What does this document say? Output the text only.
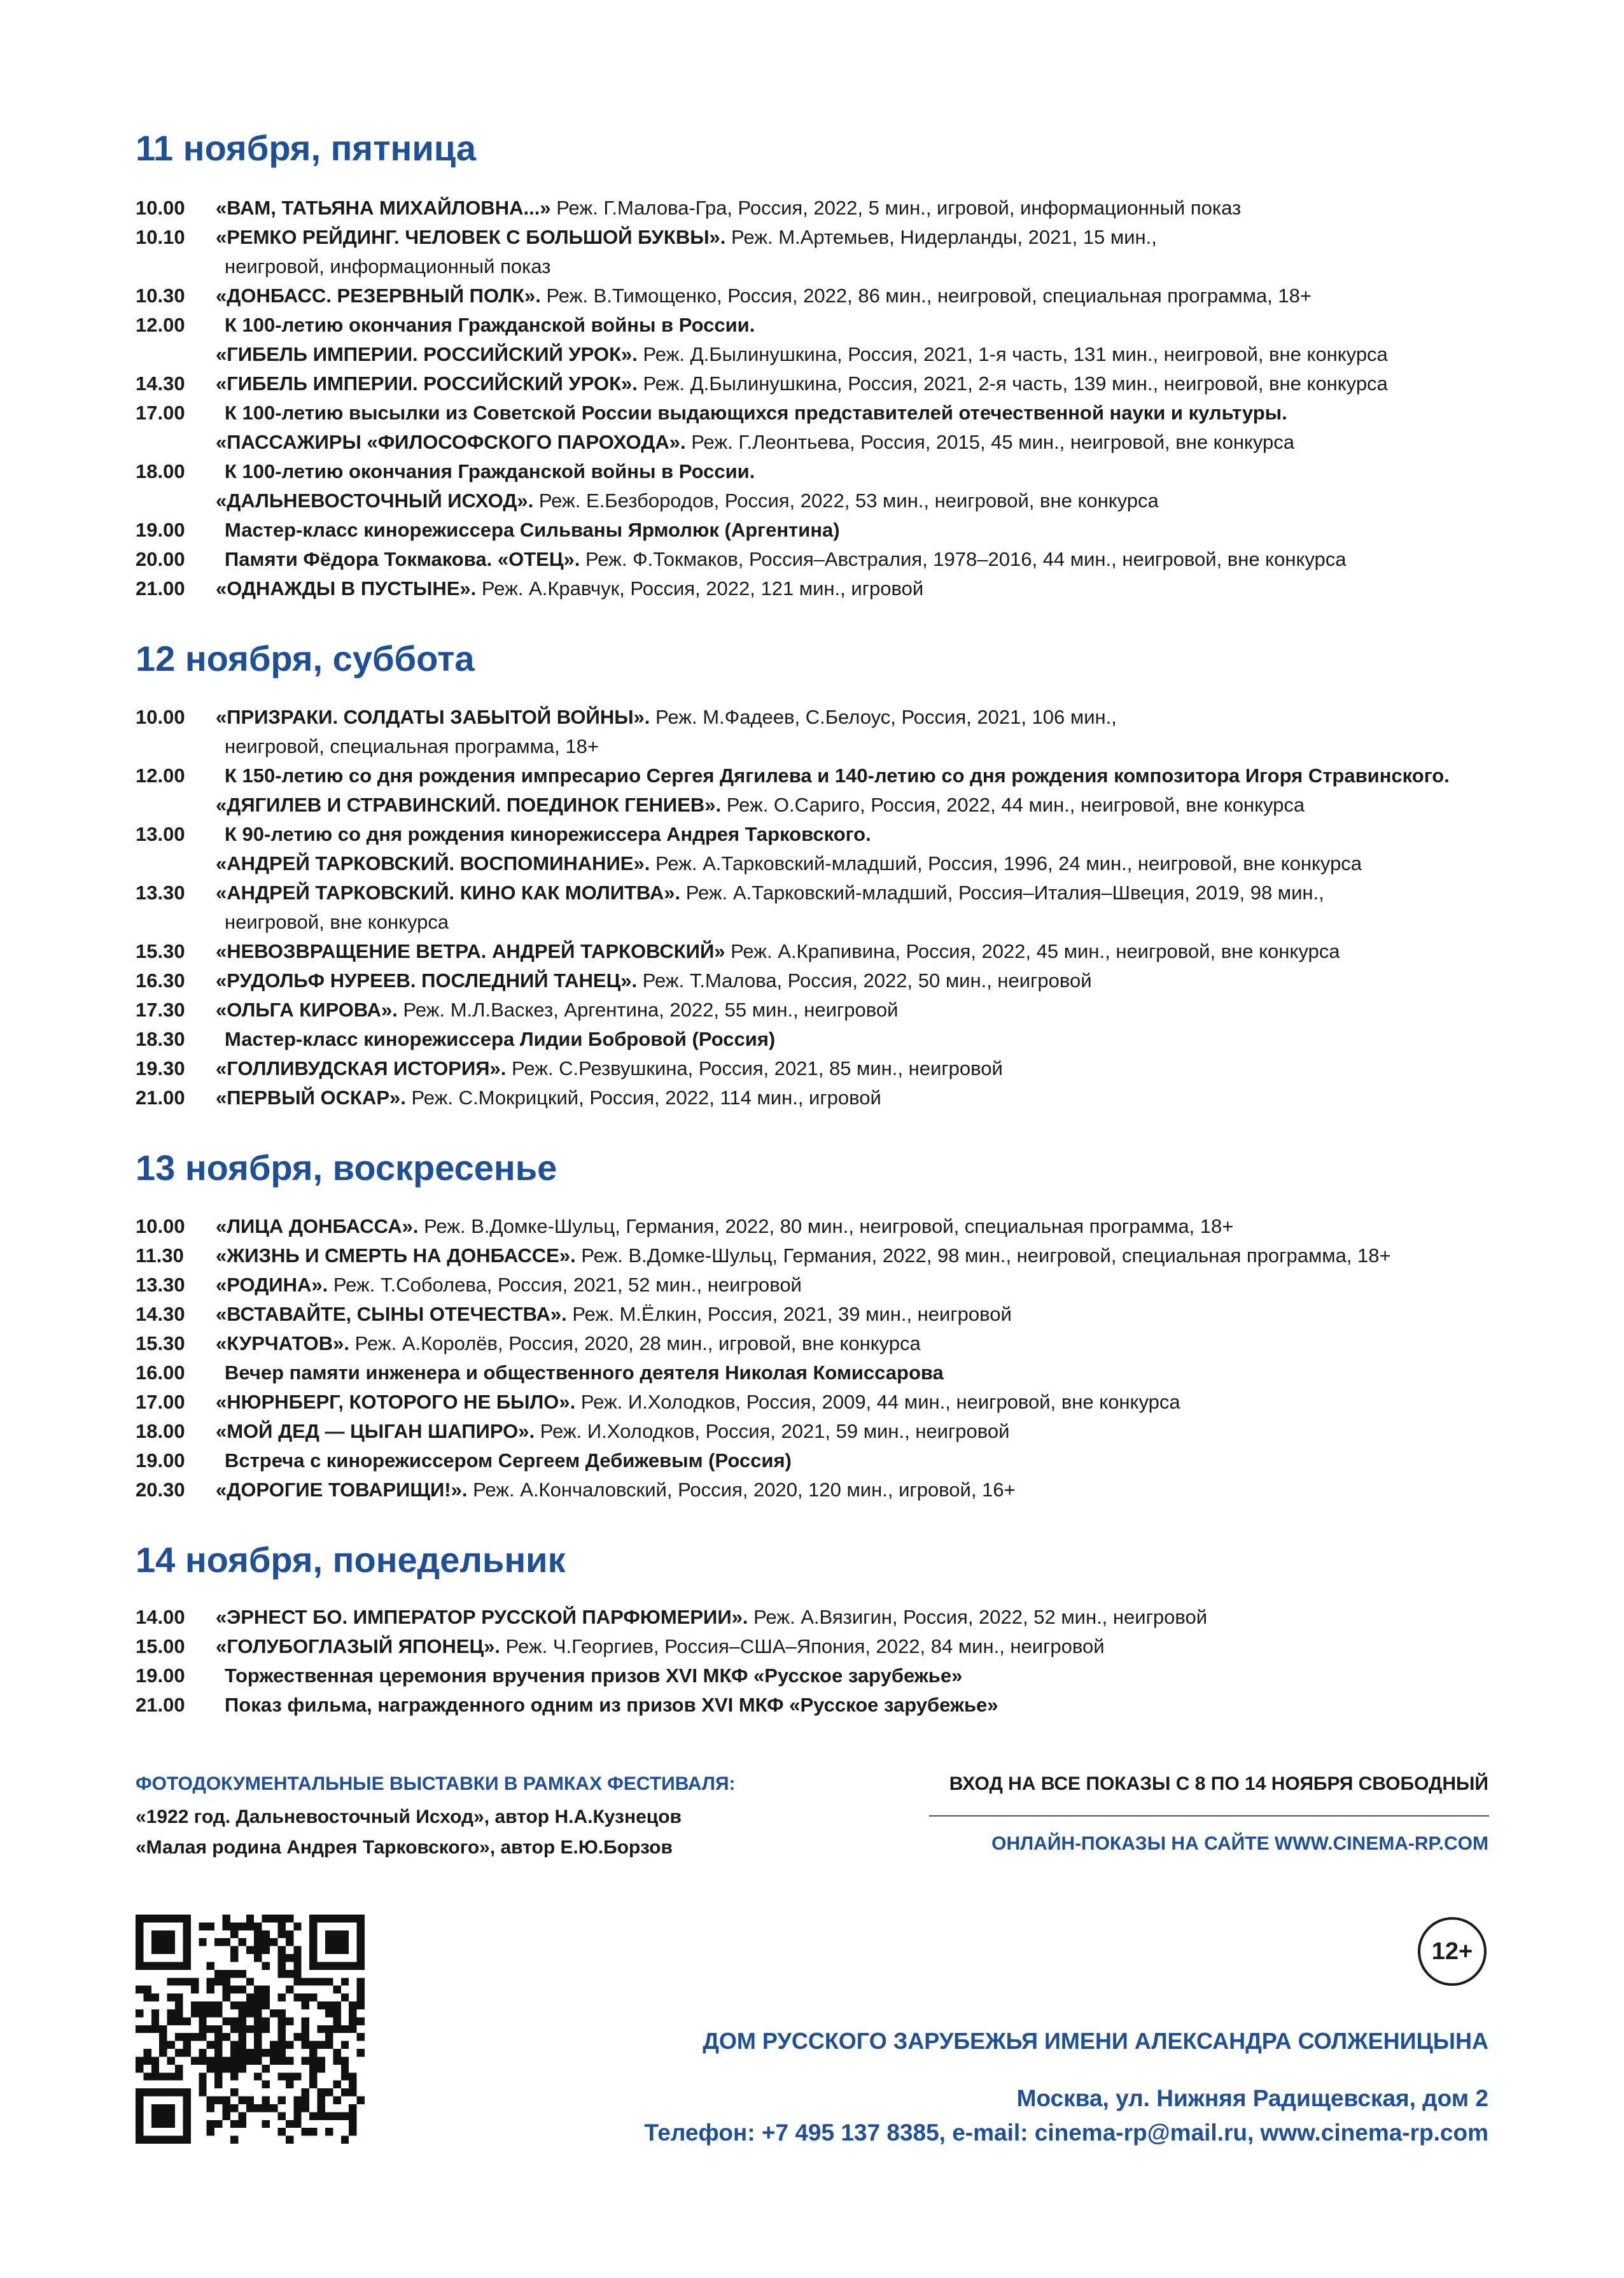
11 ноября, пятница
10.00	«ВАМ, ТАТЬЯНА МИХАЙЛОВНА...» Реж. Г.Малова-Гра, Россия, 2022, 5 мин., игровой, информационный показ
10.10	«РЕМКО РЕЙДИНГ. ЧЕЛОВЕК С БОЛЬШОЙ БУКВЫ». Реж. М.Артемьев, Нидерланды, 2021, 15 мин.,
неигровой, информационный показ
10.30	«ДОНБАСС. РЕЗЕРВНЫЙ ПОЛК». Реж. В.Тимощенко, Россия, 2022, 86 мин., неигровой, специальная программа, 18+
12.00	К 100-летию окончания Гражданской войны в России.
«ГИБЕЛЬ ИМПЕРИИ. РОССИЙСКИЙ УРОК». Реж. Д.Былинушкина, Россия, 2021, 1-я часть, 131 мин., неигровой, вне конкурса
14.30	«ГИБЕЛЬ ИМПЕРИИ. РОССИЙСКИЙ УРОК». Реж. Д.Былинушкина, Россия, 2021, 2-я часть, 139 мин., неигровой, вне конкурса
17.00	К 100-летию высылки из Советской России выдающихся представителей отечественной науки и культуры.
«ПАССАЖИРЫ «ФИЛОСОФСКОГО ПАРОХОДА». Реж. Г.Леонтьева, Россия, 2015, 45 мин., неигровой, вне конкурса
18.00	К 100-летию окончания Гражданской войны в России.
«ДАЛЬНЕВОСТОЧНЫЙ ИСХОД». Реж. Е.Безбородов, Россия, 2022, 53 мин., неигровой, вне конкурса
19.00	Мастер-класс кинорежиссера Сильваны Ярмолюк (Аргентина)
20.00	Памяти Фёдора Токмакова. «ОТЕЦ». Реж. Ф.Токмаков, Россия–Австралия, 1978–2016, 44 мин., неигровой, вне конкурса
21.00	«ОДНАЖДЫ В ПУСТЫНЕ». Реж. А.Кравчук, Россия, 2022, 121 мин., игровой
12 ноября, суббота
10.00	«ПРИЗРАКИ. СОЛДАТЫ ЗАБЫТОЙ ВОЙНЫ». Реж. М.Фадеев, С.Белоус, Россия, 2021, 106 мин.,
неигровой, специальная программа, 18+
12.00	К 150-летию со дня рождения импресарио Сергея Дягилева и 140-летию со дня рождения композитора Игоря Стравинского.
«ДЯГИЛЕВ И СТРАВИНСКИЙ. ПОЕДИНОК ГЕНИЕВ». Реж. О.Сариго, Россия, 2022, 44 мин., неигровой, вне конкурса
13.00	К 90-летию со дня рождения кинорежиссера Андрея Тарковского.
«АНДРЕЙ ТАРКОВСКИЙ. ВОСПОМИНАНИЕ». Реж. А.Тарковский-младший, Россия, 1996, 24 мин., неигровой, вне конкурса
13.30	«АНДРЕЙ ТАРКОВСКИЙ. КИНО КАК МОЛИТВА». Реж. А.Тарковский-младший, Россия–Италия–Швеция, 2019, 98 мин.,
неигровой, вне конкурса
15.30	«НЕВОЗВРАЩЕНИЕ ВЕТРА. АНДРЕЙ ТАРКОВСКИЙ» Реж. А.Крапивина, Россия, 2022, 45 мин., неигровой, вне конкурса
16.30	«РУДОЛЬФ НУРЕЕВ. ПОСЛЕДНИЙ ТАНЕЦ». Реж. Т.Малова, Россия, 2022, 50 мин., неигровой
17.30	«ОЛЬГА КИРОВА». Реж. М.Л.Васкез, Аргентина, 2022, 55 мин., неигровой
18.30	Мастер-класс кинорежиссера Лидии Бобровой (Россия)
19.30	«ГОЛЛИВУДСКАЯ ИСТОРИЯ». Реж. С.Резвушкина, Россия, 2021, 85 мин., неигровой
21.00	«ПЕРВЫЙ ОСКАР». Реж. С.Мокрицкий, Россия, 2022, 114 мин., игровой
13 ноября, воскресенье
10.00	«ЛИЦА ДОНБАССА». Реж. В.Домке-Шульц, Германия, 2022, 80 мин., неигровой, специальная программа, 18+
11.30	«ЖИЗНЬ И СМЕРТЬ НА ДОНБАССЕ». Реж. В.Домке-Шульц, Германия, 2022, 98 мин., неигровой, специальная программа, 18+
13.30	«РОДИНА». Реж. Т.Соболева, Россия, 2021, 52 мин., неигровой
14.30	«ВСТАВАЙТЕ, СЫНЫ ОТЕЧЕСТВА». Реж. М.Ёлкин, Россия, 2021, 39 мин., неигровой
15.30	«КУРЧАТОВ». Реж. А.Королёв, Россия, 2020, 28 мин., игровой, вне конкурса
16.00	Вечер памяти инженера и общественного деятеля Николая Комиссарова
17.00	«НЮРНБЕРГ, КОТОРОГО НЕ БЫЛО». Реж. И.Холодков, Россия, 2009, 44 мин., неигровой, вне конкурса
18.00	«МОЙ ДЕД — ЦЫГАН ШАПИРО». Реж. И.Холодков, Россия, 2021, 59 мин., неигровой
19.00	Встреча с кинорежиссером Сергеем Дебижевым (Россия)
20.30	«ДОРОГИЕ ТОВАРИЩИ!». Реж. А.Кончаловский, Россия, 2020, 120 мин., игровой, 16+
14 ноября, понедельник
14.00	«ЭРНЕСТ БО. ИМПЕРАТОР РУССКОЙ ПАРФЮМЕРИИ». Реж. А.Вязигин, Россия, 2022, 52 мин., неигровой
15.00	«ГОЛУБОГЛАЗЫЙ ЯПОНЕЦ». Реж. Ч.Георгиев, Россия–США–Япония, 2022, 84 мин., неигровой
19.00	Торжественная церемония вручения призов XVI МКФ «Русское зарубежье»
21.00	Показ фильма, награжденного одним из призов XVI МКФ «Русское зарубежье»
ФОТОДОКУМЕНТАЛЬНЫЕ ВЫСТАВКИ В РАМКАХ ФЕСТИВАЛЯ:
«1922 год. Дальневосточный Исход», автор Н.А.Кузнецов
«Малая родина Андрея Тарковского», автор Е.Ю.Борзов
ВХОД НА ВСЕ ПОКАЗЫ С 8 ПО 14 НОЯБРЯ СВОБОДНЫЙ
ОНЛАЙН-ПОКАЗЫ НА САЙТЕ WWW.CINEMA-RP.COM
12+
ДОМ РУССКОГО ЗАРУБЕЖЬЯ ИМЕНИ АЛЕКСАНДРА СОЛЖЕНИЦЫНА
Москва, ул. Нижняя Радищевская, дом 2
Телефон: +7 495 137 8385, e-mail: cinema-rp@mail.ru, www.cinema-rp.com
